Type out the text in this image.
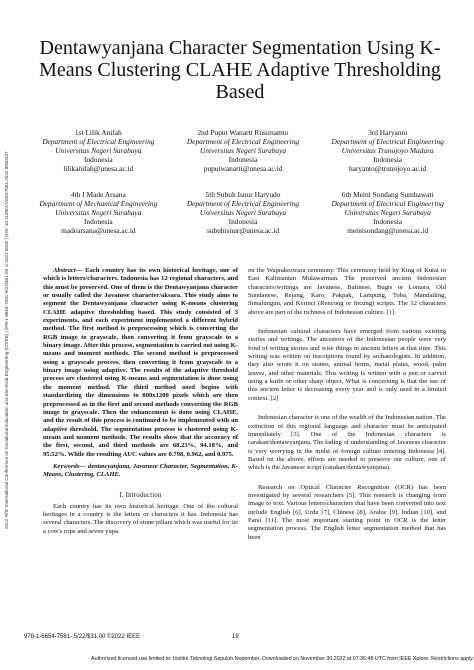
2022 Fifth International Conference on Vocational Education and Electrical Engineering (ICVEE) | 978-1-6654-7581-5/22/$31.00 ©2022 IEEE | DOI: 10.1109/ICVEE57061.2022.9930437
Dentawyanjana Character Segmentation Using K-Means Clustering CLAHE Adaptive Thresholding Based
1st Lilik Anifah
Department of Electrical Engineering
Universitas Negeri Surabaya
Indonesia
lilikanifah@unesa.ac.id
2nd Puput Wanarti Rusimamto
Department of Electrical Engineering
Universitas Negeri Surabaya
Indonesia
puputwanarti@unesa.ac.id
3rd Haryanto
Department of Electrical Engineering
Universitas Trunojoyo Madura
Indonesia
haryanto@trunojoyo.ac.id
4th I Made Arsana
Department of Mechanical Engineering
Universitas Negeri Surabaya
Indonesia
madearsana@unesa.ac.id
5th Subuh Isnur Haryudo
Department of Electrical Engineering
Universitas Negeri Surabaya
Indonesia
subuhisnur@unesa.ac.id
6th Meini Sondang Sumbawati
Department of Electrical Engineering
Universitas Negeri Surabaya
Indonesia
meinisondang@unesa.ac.id

Abstract— Each country has its own historical heritage, one of which is letters/characters. Indonesia has 12 regional characters, and this must be preserved. One of them is the Dentawyanjana character or usually called the Javanese character/aksara. This study aims to segment the Dentawyanjana character using K-means clustering CLAHE adaptive thresholding based. This study consisted of 3 experiments, and each experiment implemented a different hybrid method. The first method is preprocessing which is converting the RGB image to grayscale, then converting it from grayscale to a binary image. After this process, segmentation is carried out using K-means and moment methods. The second method is preprocessed using a grayscale process, then converting it from grayscale to a binary image using adaptive. The results of the adaptive threshold process are clustered using K-means and segmentation is done using the moment method. The third method used begins with standardizing the dimensions to 800x1200 pixels which are then preprocessed as in the first and second methods converting the RGB image to grayscale. Then the enhancement is done using CLAHE, and the result of this process is continued to be implemented with an adaptive threshold. The segmentation process is clustered using K-means and moment methods. The results show that the accuracy of the first, second, and third methods are 68.23%, 94.18%, and 95.52%. While the resulting AUC values are 0.798, 0.962, and 0.975.

Keywords— dentawyanjana, Javanese Character, Segmentation, K-Means, Clustering, CLAHE.

I. Introduction

Each country has its own historical heritage. One of the cultural heritages in a country is the letters or characters it has. Indonesia has several characters. The discovery of stone pillars which was useful for tie a cow's rope and seven yupa

on the Waprakeswara ceremony. This ceremony held by King of Kutai in East Kalimantan Mulawarman. The preserved ancient Indonesian characters/writings are Javanese, Balinese, Bugis or Lontara, Old Sundanese, Rejang, Karo, Pakpak, Lampung, Toba, Mandailing, Simalungun, and Kerinci (Rencong or Incung) scripts. The 12 characters above are part of the richness of Indonesian culture. [1].

Indonesian cultural characters have emerged from various existing stories and writings. The ancestors of the Indonesian people were very fond of writing stories and wise things in ancient letters at that time. This writing was written on inscriptions found by archaeologists. In addition, they also wrote it on stones, animal horns, metal plates, wood, palm leaves, and other materials. This writing is written with a pen or carved using a knife or other sharp object. What is concerning is that the use of this ancient letter is decreasing every year and is only used in a limited context. [2]

Indonesian character is one of the wealth of the Indonesian nation. The extinction of this regional language and character must be anticipated immediately [3]. One of the Indonesian characters is carakan/dentawyanjana. The fading of understanding of Javanese character is very worrying in the midst of foreign culture entering Indonesia [4]. Based on the above, efforts are needed to preserve our culture, one of which is the Javanese script (carakan/dentawyanjana).

Research on Optical Character Recognition (OCR) has been investigated by several researchers [5]. This research is changing from image to text. Various letters/characters that have been converted into text include English [6], Urdu [7], Chinese [8], Arabic [9], Indian [10], and Farsi [11]. The most important starting point in OCR is the letter segmentation process. The English letter segmentation method that has been

978-1-6654-7581- 5/22/$31.00 ©2022 IEEE	19
Authorized licensed use limited to: Institut Teknologi Sepuluh Nopember. Downloaded on November 30,2022 at 07:36:48 UTC from IEEE Xplore. Restrictions apply.
